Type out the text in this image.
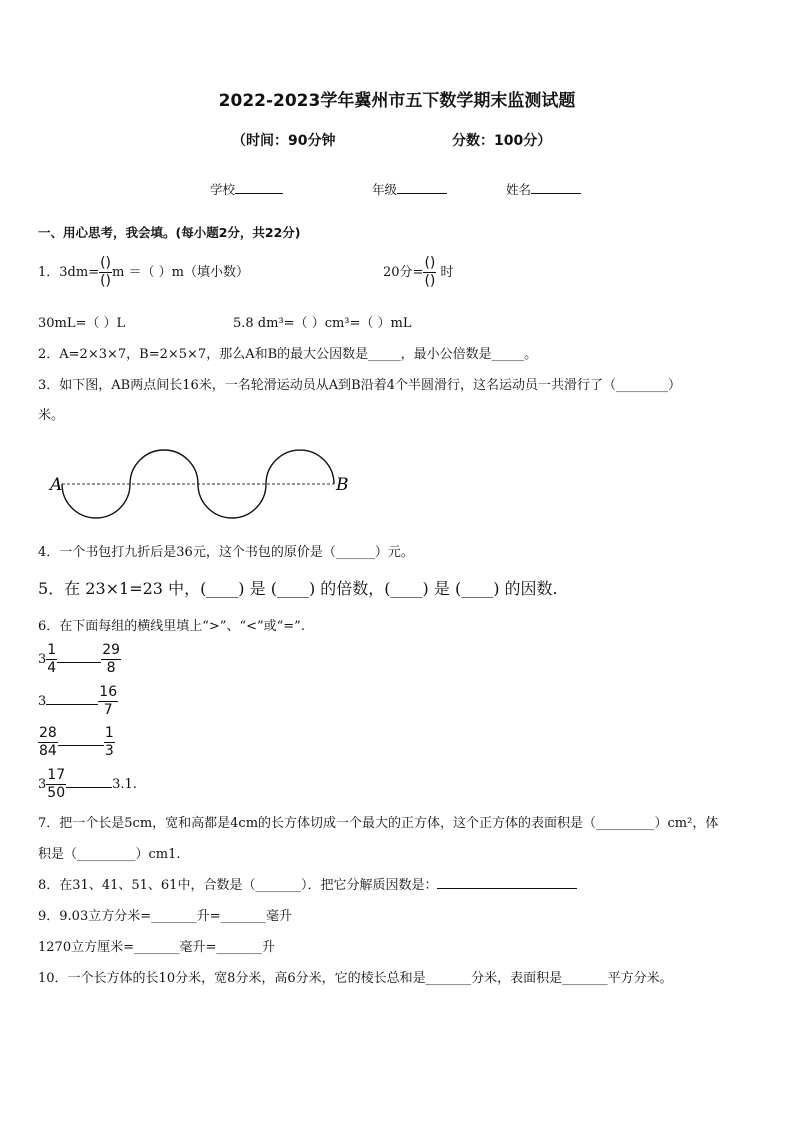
2022-2023学年冀州市五下数学期末监测试题
（时间：90分钟	分数：100分）
学校	年级	姓名
一、用心思考，我会填。(每小题2分，共22分)
1．$3dm= \frac{()}{()}$ m ＝（ ）m（填小数）	20分= $\frac{()}{()}$ 时
30mL=（ ）L	5.8 dm³=（ ）cm³=（ ）mL
2．A=2×3×7，B=2×5×7，那么A和B的最大公因数是_____，最小公倍数是_____。
3．如下图，AB两点间长16米，一名轮滑运动员从A到B沿着4个半圆滑行，这名运动员一共滑行了（________）
米。
A	B
4．一个书包打九折后是36元，这个书包的原价是（______）元。
5．在 23×1=23 中，(____) 是 (____) 的倍数，(____) 是 (____) 的因数.
6．在下面每组的横线里填上“>”、“<”或“=”.
$3 \frac{1}{4}$	$\frac{29}{8}$
3	$\frac{16}{7}$
$\frac{28}{84}$	$\frac{1}{3}$
$3 \frac{17}{50}$	3.1.
7．把一个长是5cm，宽和高都是4cm的长方体切成一个最大的正方体，这个正方体的表面积是（_________）cm²，体
积是（_________）cm1.
8．在31、41、51、61中，合数是（_______）．把它分解质因数是：
9．9.03立方分米=_______升=_______毫升
1270立方厘米=_______毫升=_______升
10．一个长方体的长10分米，宽8分米，高6分米，它的棱长总和是_______分米，表面积是_______平方分米。
